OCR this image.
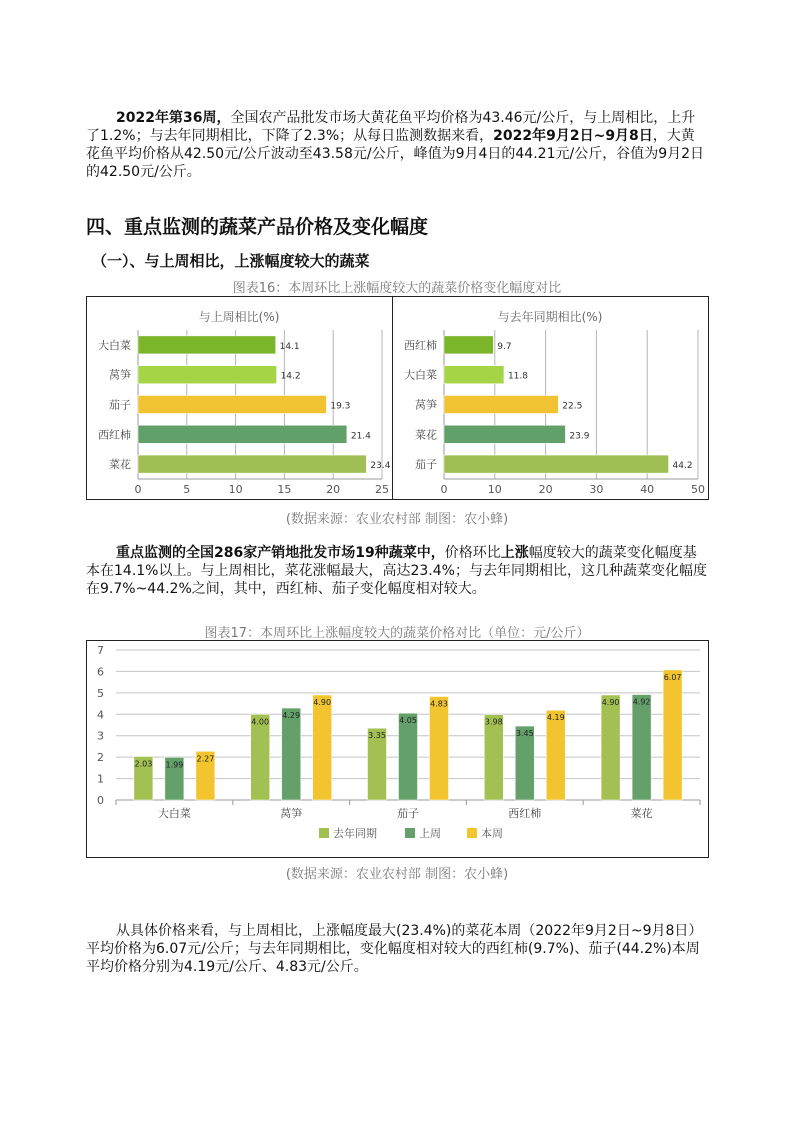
2022年第36周，全国农产品批发市场大黄花鱼平均价格为43.46元/公斤，与上周相比，上升了1.2%；与去年同期相比，下降了2.3%；从每日监测数据来看，2022年9月2日~9月8日，大黄花鱼平均价格从42.50元/公斤波动至43.58元/公斤，峰值为9月4日的44.21元/公斤，谷值为9月2日的42.50元/公斤。

四、重点监测的蔬菜产品价格及变化幅度
（一）、与上周相比，上涨幅度较大的蔬菜
图表16：本周环比上涨幅度较大的蔬菜价格变化幅度对比
与上周相比(%)
0	5	10	15	20	25
大白菜	14.1
莴笋	14.2
茄子	19.3
西红柿	21.4
菜花	23.4
与去年同期相比(%)
0	10	20	30	40	50
西红柿	9.7
大白菜	11.8
莴笋	22.5
菜花	23.9
茄子	44.2
(数据来源：农业农村部 制图：农小蜂)

重点监测的全国286家产销地批发市场19种蔬菜中，价格环比上涨幅度较大的蔬菜变化幅度基本在14.1%以上。与上周相比，菜花涨幅最大，高达23.4%；与去年同期相比，这几种蔬菜变化幅度在9.7%~44.2%之间，其中，西红柿、茄子变化幅度相对较大。

图表17：本周环比上涨幅度较大的蔬菜价格对比（单位：元/公斤）
0
1
2
3
4
5
6
7
大白菜
2.03 1.99
2.27
莴笋
4.00
4.29
4.90
茄子
3.35
4.05
4.83
西红柿
3.98
3.45
4.19
菜花
4.90 4.92
6.07
去年同期	上周	本周
(数据来源：农业农村部 制图：农小蜂)

从具体价格来看，与上周相比，上涨幅度最大(23.4%)的菜花本周（2022年9月2日~9月8日）平均价格为6.07元/公斤；与去年同期相比，变化幅度相对较大的西红柿(9.7%)、茄子(44.2%)本周平均价格分别为4.19元/公斤、4.83元/公斤。
